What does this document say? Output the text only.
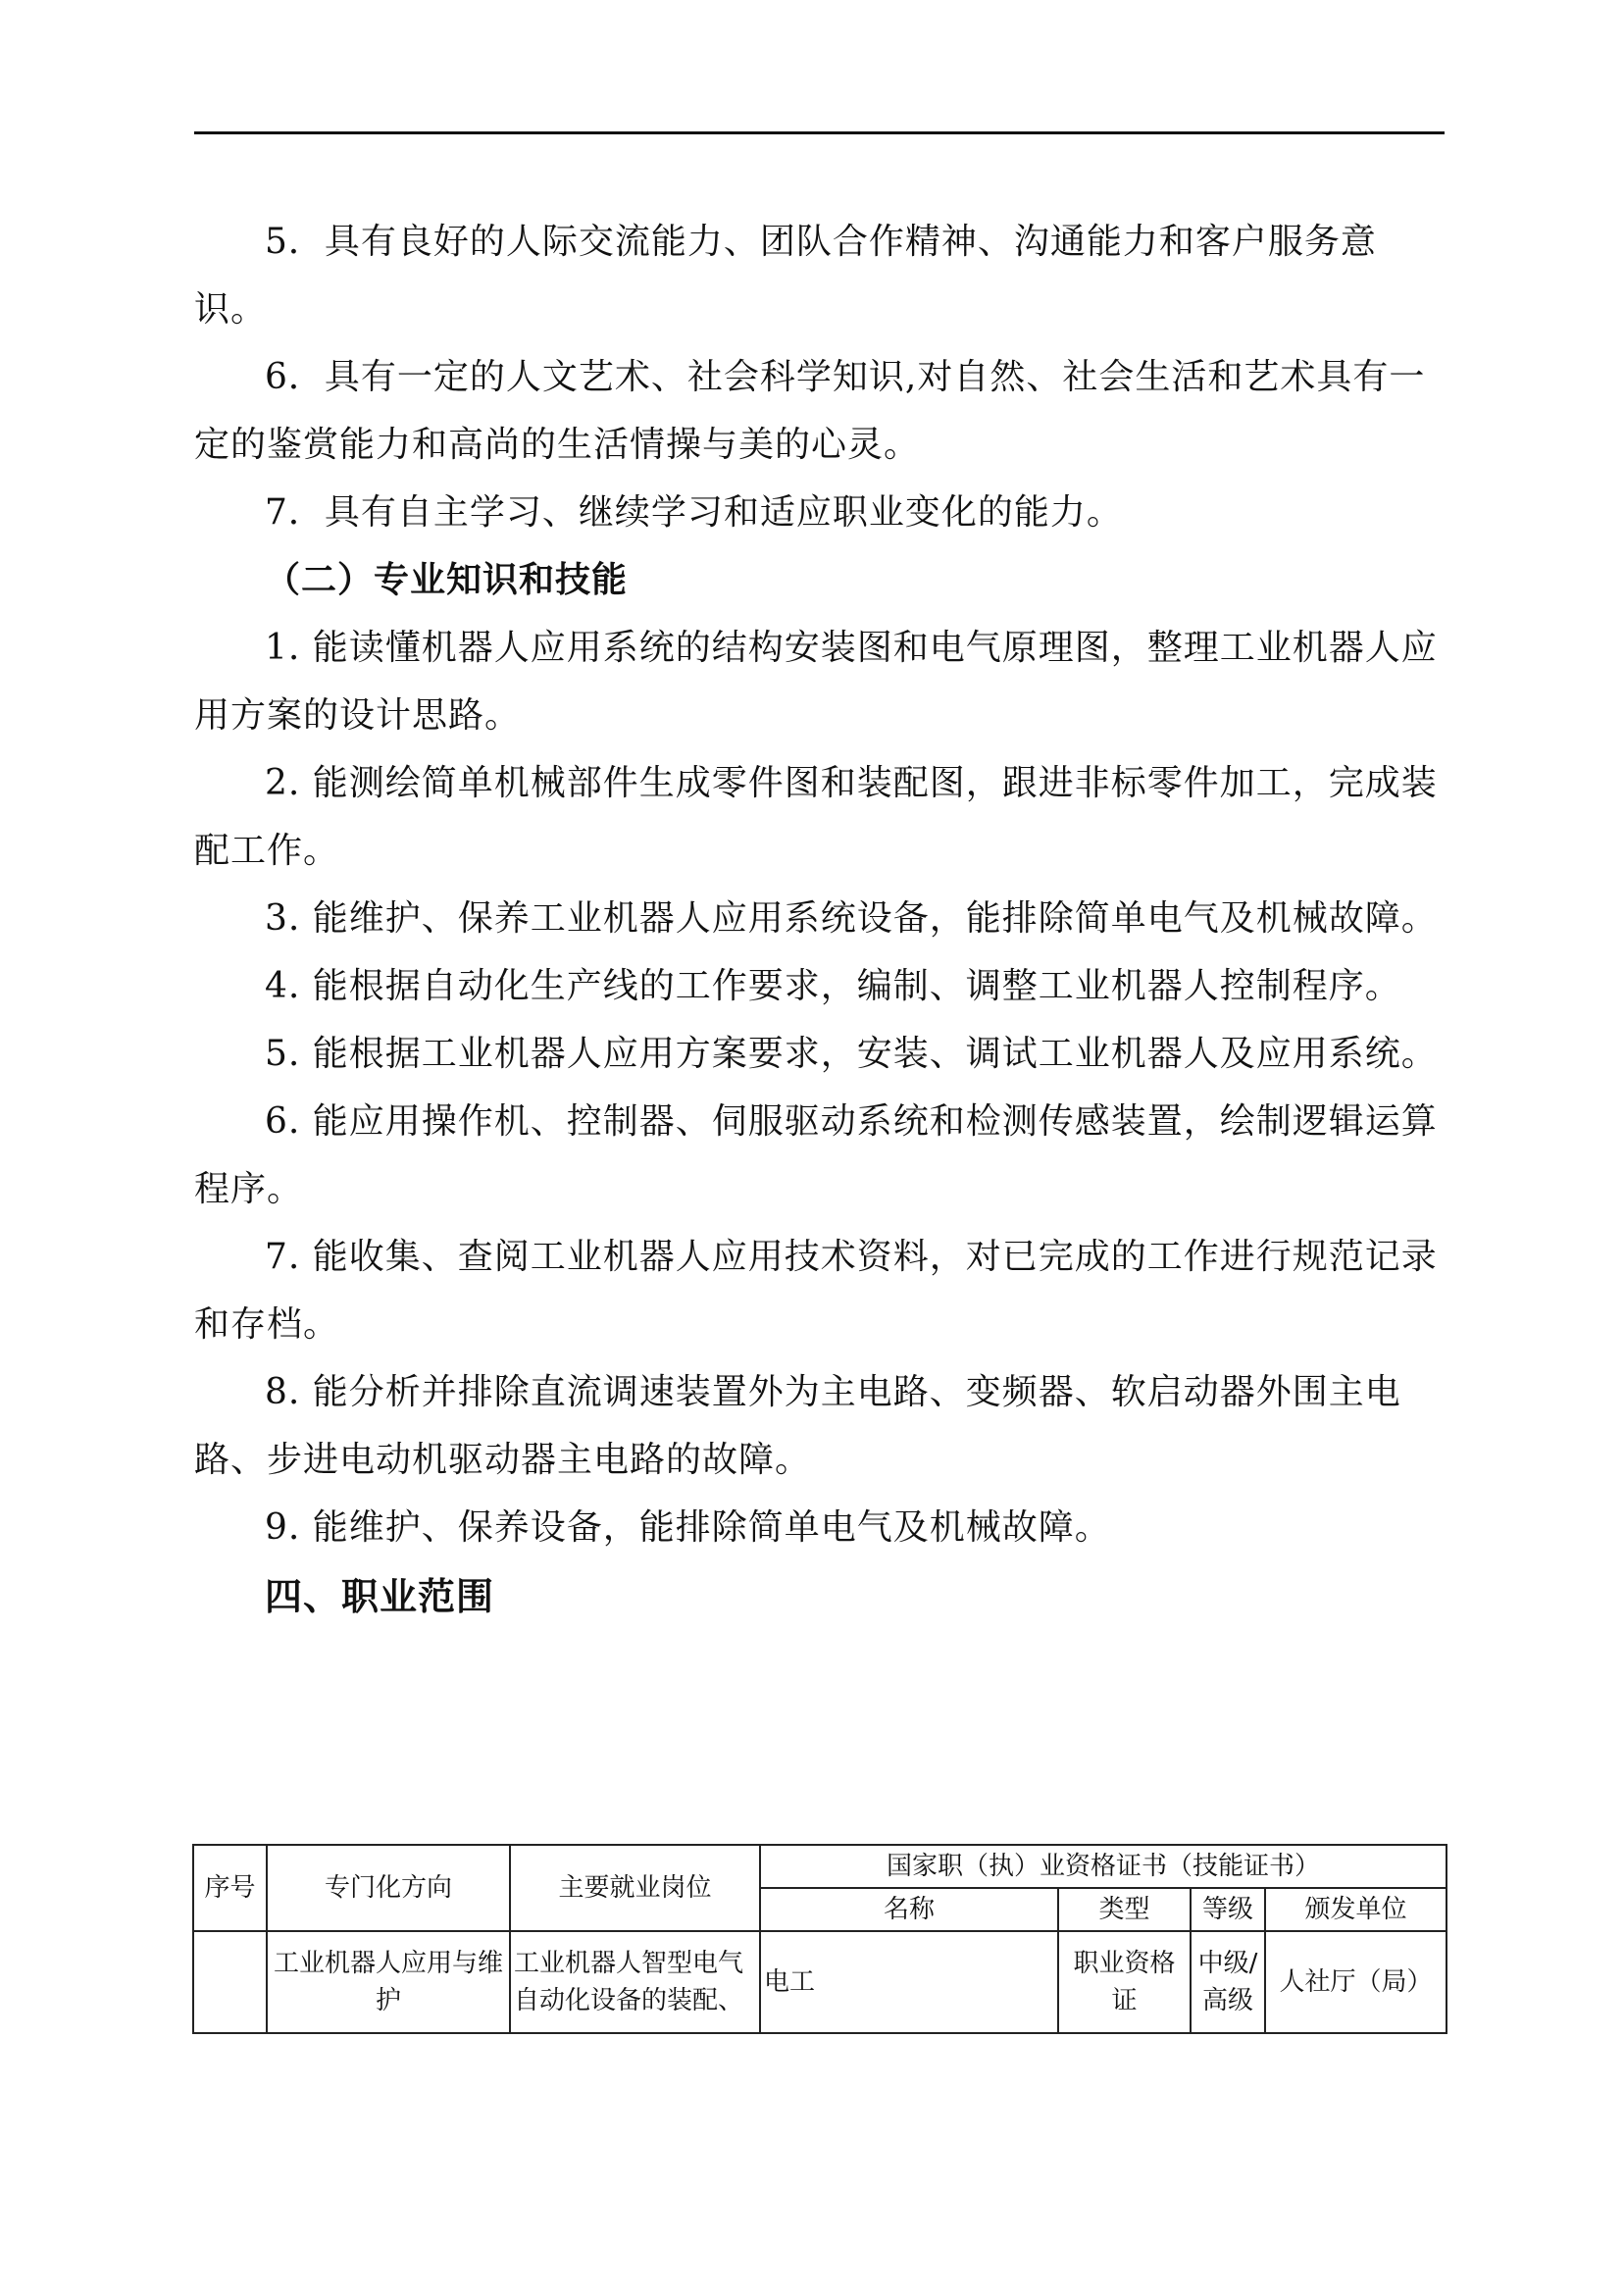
5．具有良好的人际交流能力、团队合作精神、沟通能力和客户服务意识。

6．具有一定的人文艺术、社会科学知识,对自然、社会生活和艺术具有一定的鉴赏能力和高尚的生活情操与美的心灵。

7．具有自主学习、继续学习和适应职业变化的能力。

（二）专业知识和技能

1. 能读懂机器人应用系统的结构安装图和电气原理图，整理工业机器人应用方案的设计思路。

2. 能测绘简单机械部件生成零件图和装配图，跟进非标零件加工，完成装配工作。

3. 能维护、保养工业机器人应用系统设备，能排除简单电气及机械故障。

4. 能根据自动化生产线的工作要求，编制、调整工业机器人控制程序。

5. 能根据工业机器人应用方案要求，安装、调试工业机器人及应用系统。

6. 能应用操作机、控制器、伺服驱动系统和检测传感装置，绘制逻辑运算程序。

7. 能收集、查阅工业机器人应用技术资料，对已完成的工作进行规范记录和存档。

8. 能分析并排除直流调速装置外为主电路、变频器、软启动器外围主电路、步进电动机驱动器主电路的故障。

9. 能维护、保养设备，能排除简单电气及机械故障。

四、职业范围

序号	专门化方向	主要就业岗位	国家职（执）业资格证书（技能证书）			
			名称	类型	等级	颁发单位
	工业机器人应用与维护	工业机器人智型电气自动化设备的装配、	电工	职业资格证	中级/高级	人社厅（局）
